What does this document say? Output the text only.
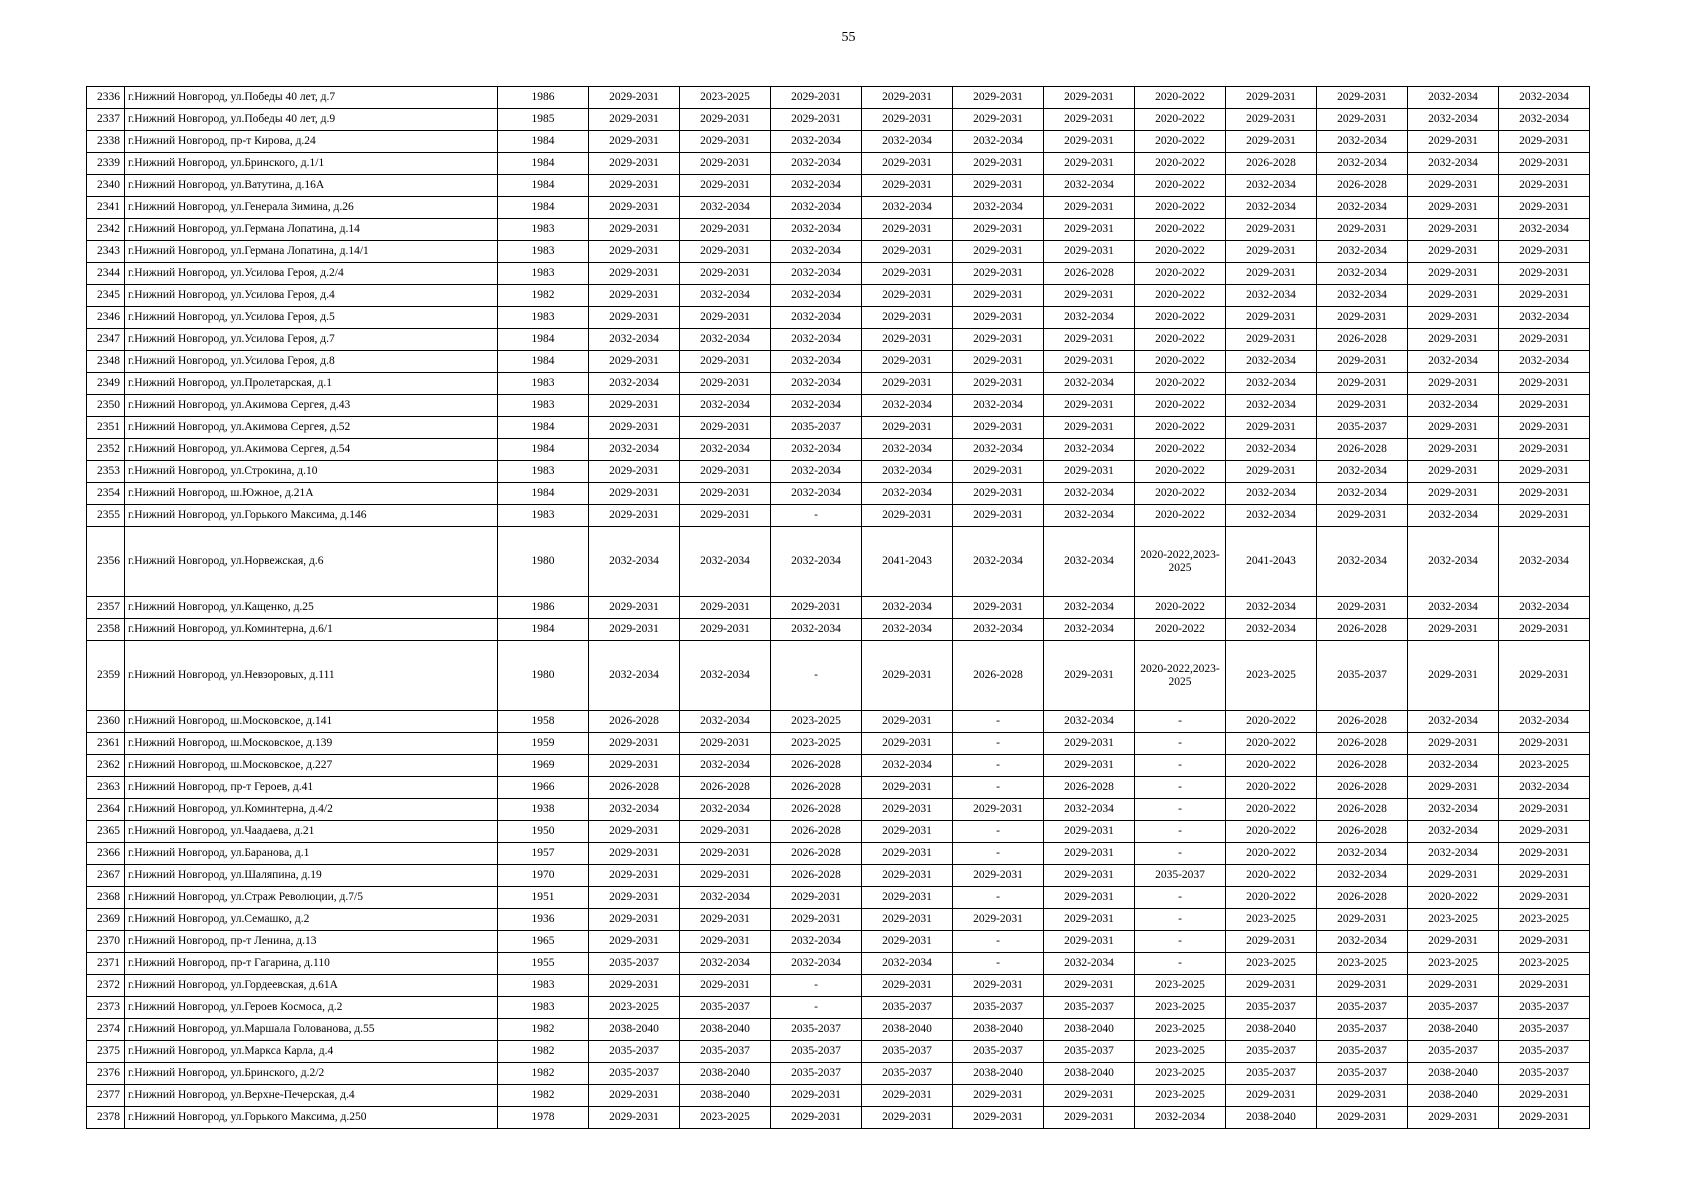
55
2336	г.Нижний Новгород, ул.Победы 40 лет, д.7	1986	2029-2031	2023-2025	2029-2031	2029-2031	2029-2031	2029-2031	2020-2022	2029-2031	2029-2031	2032-2034	2032-2034
2337	г.Нижний Новгород, ул.Победы 40 лет, д.9	1985	2029-2031	2029-2031	2029-2031	2029-2031	2029-2031	2029-2031	2020-2022	2029-2031	2029-2031	2032-2034	2032-2034
2338	г.Нижний Новгород, пр-т Кирова, д.24	1984	2029-2031	2029-2031	2032-2034	2032-2034	2032-2034	2029-2031	2020-2022	2029-2031	2032-2034	2029-2031	2029-2031
2339	г.Нижний Новгород, ул.Бринского, д.1/1	1984	2029-2031	2029-2031	2032-2034	2029-2031	2029-2031	2029-2031	2020-2022	2026-2028	2032-2034	2032-2034	2029-2031
2340	г.Нижний Новгород, ул.Ватутина, д.16А	1984	2029-2031	2029-2031	2032-2034	2029-2031	2029-2031	2032-2034	2020-2022	2032-2034	2026-2028	2029-2031	2029-2031
2341	г.Нижний Новгород, ул.Генерала Зимина, д.26	1984	2029-2031	2032-2034	2032-2034	2032-2034	2032-2034	2029-2031	2020-2022	2032-2034	2032-2034	2029-2031	2029-2031
2342	г.Нижний Новгород, ул.Германа Лопатина, д.14	1983	2029-2031	2029-2031	2032-2034	2029-2031	2029-2031	2029-2031	2020-2022	2029-2031	2029-2031	2029-2031	2032-2034
2343	г.Нижний Новгород, ул.Германа Лопатина, д.14/1	1983	2029-2031	2029-2031	2032-2034	2029-2031	2029-2031	2029-2031	2020-2022	2029-2031	2032-2034	2029-2031	2029-2031
2344	г.Нижний Новгород, ул.Усилова Героя, д.2/4	1983	2029-2031	2029-2031	2032-2034	2029-2031	2029-2031	2026-2028	2020-2022	2029-2031	2032-2034	2029-2031	2029-2031
2345	г.Нижний Новгород, ул.Усилова Героя, д.4	1982	2029-2031	2032-2034	2032-2034	2029-2031	2029-2031	2029-2031	2020-2022	2032-2034	2032-2034	2029-2031	2029-2031
2346	г.Нижний Новгород, ул.Усилова Героя, д.5	1983	2029-2031	2029-2031	2032-2034	2029-2031	2029-2031	2032-2034	2020-2022	2029-2031	2029-2031	2029-2031	2032-2034
2347	г.Нижний Новгород, ул.Усилова Героя, д.7	1984	2032-2034	2032-2034	2032-2034	2029-2031	2029-2031	2029-2031	2020-2022	2029-2031	2026-2028	2029-2031	2029-2031
2348	г.Нижний Новгород, ул.Усилова Героя, д.8	1984	2029-2031	2029-2031	2032-2034	2029-2031	2029-2031	2029-2031	2020-2022	2032-2034	2029-2031	2032-2034	2032-2034
2349	г.Нижний Новгород, ул.Пролетарская, д.1	1983	2032-2034	2029-2031	2032-2034	2029-2031	2029-2031	2032-2034	2020-2022	2032-2034	2029-2031	2029-2031	2029-2031
2350	г.Нижний Новгород, ул.Акимова Сергея, д.43	1983	2029-2031	2032-2034	2032-2034	2032-2034	2032-2034	2029-2031	2020-2022	2032-2034	2029-2031	2032-2034	2029-2031
2351	г.Нижний Новгород, ул.Акимова Сергея, д.52	1984	2029-2031	2029-2031	2035-2037	2029-2031	2029-2031	2029-2031	2020-2022	2029-2031	2035-2037	2029-2031	2029-2031
2352	г.Нижний Новгород, ул.Акимова Сергея, д.54	1984	2032-2034	2032-2034	2032-2034	2032-2034	2032-2034	2032-2034	2020-2022	2032-2034	2026-2028	2029-2031	2029-2031
2353	г.Нижний Новгород, ул.Строкина, д.10	1983	2029-2031	2029-2031	2032-2034	2032-2034	2029-2031	2029-2031	2020-2022	2029-2031	2032-2034	2029-2031	2029-2031
2354	г.Нижний Новгород, ш.Южное, д.21А	1984	2029-2031	2029-2031	2032-2034	2032-2034	2029-2031	2032-2034	2020-2022	2032-2034	2032-2034	2029-2031	2029-2031
2355	г.Нижний Новгород, ул.Горького Максима, д.146	1983	2029-2031	2029-2031	-	2029-2031	2029-2031	2032-2034	2020-2022	2032-2034	2029-2031	2032-2034	2029-2031
2356	г.Нижний Новгород, ул.Норвежская, д.6	1980	2032-2034	2032-2034	2032-2034	2041-2043	2032-2034	2032-2034	2020-2022,2023-2025	2041-2043	2032-2034	2032-2034	2032-2034
2357	г.Нижний Новгород, ул.Кащенко, д.25	1986	2029-2031	2029-2031	2029-2031	2032-2034	2029-2031	2032-2034	2020-2022	2032-2034	2029-2031	2032-2034	2032-2034
2358	г.Нижний Новгород, ул.Коминтерна, д.6/1	1984	2029-2031	2029-2031	2032-2034	2032-2034	2032-2034	2032-2034	2020-2022	2032-2034	2026-2028	2029-2031	2029-2031
2359	г.Нижний Новгород, ул.Невзоровых, д.111	1980	2032-2034	2032-2034	-	2029-2031	2026-2028	2029-2031	2020-2022,2023-2025	2023-2025	2035-2037	2029-2031	2029-2031
2360	г.Нижний Новгород, ш.Московское, д.141	1958	2026-2028	2032-2034	2023-2025	2029-2031	-	2032-2034	-	2020-2022	2026-2028	2032-2034	2032-2034
2361	г.Нижний Новгород, ш.Московское, д.139	1959	2029-2031	2029-2031	2023-2025	2029-2031	-	2029-2031	-	2020-2022	2026-2028	2029-2031	2029-2031
2362	г.Нижний Новгород, ш.Московское, д.227	1969	2029-2031	2032-2034	2026-2028	2032-2034	-	2029-2031	-	2020-2022	2026-2028	2032-2034	2023-2025
2363	г.Нижний Новгород, пр-т Героев, д.41	1966	2026-2028	2026-2028	2026-2028	2029-2031	-	2026-2028	-	2020-2022	2026-2028	2029-2031	2032-2034
2364	г.Нижний Новгород, ул.Коминтерна, д.4/2	1938	2032-2034	2032-2034	2026-2028	2029-2031	2029-2031	2032-2034	-	2020-2022	2026-2028	2032-2034	2029-2031
2365	г.Нижний Новгород, ул.Чаадаева, д.21	1950	2029-2031	2029-2031	2026-2028	2029-2031	-	2029-2031	-	2020-2022	2026-2028	2032-2034	2029-2031
2366	г.Нижний Новгород, ул.Баранова, д.1	1957	2029-2031	2029-2031	2026-2028	2029-2031	-	2029-2031	-	2020-2022	2032-2034	2032-2034	2029-2031
2367	г.Нижний Новгород, ул.Шаляпина, д.19	1970	2029-2031	2029-2031	2026-2028	2029-2031	2029-2031	2029-2031	2035-2037	2020-2022	2032-2034	2029-2031	2029-2031
2368	г.Нижний Новгород, ул.Страж Революции, д.7/5	1951	2029-2031	2032-2034	2029-2031	2029-2031	-	2029-2031	-	2020-2022	2026-2028	2020-2022	2029-2031
2369	г.Нижний Новгород, ул.Семашко, д.2	1936	2029-2031	2029-2031	2029-2031	2029-2031	2029-2031	2029-2031	-	2023-2025	2029-2031	2023-2025	2023-2025
2370	г.Нижний Новгород, пр-т Ленина, д.13	1965	2029-2031	2029-2031	2032-2034	2029-2031	-	2029-2031	-	2029-2031	2032-2034	2029-2031	2029-2031
2371	г.Нижний Новгород, пр-т Гагарина, д.110	1955	2035-2037	2032-2034	2032-2034	2032-2034	-	2032-2034	-	2023-2025	2023-2025	2023-2025	2023-2025
2372	г.Нижний Новгород, ул.Гордеевская, д.61А	1983	2029-2031	2029-2031	-	2029-2031	2029-2031	2029-2031	2023-2025	2029-2031	2029-2031	2029-2031	2029-2031
2373	г.Нижний Новгород, ул.Героев Космоса, д.2	1983	2023-2025	2035-2037	-	2035-2037	2035-2037	2035-2037	2023-2025	2035-2037	2035-2037	2035-2037	2035-2037
2374	г.Нижний Новгород, ул.Маршала Голованова, д.55	1982	2038-2040	2038-2040	2035-2037	2038-2040	2038-2040	2038-2040	2023-2025	2038-2040	2035-2037	2038-2040	2035-2037
2375	г.Нижний Новгород, ул.Маркса Карла, д.4	1982	2035-2037	2035-2037	2035-2037	2035-2037	2035-2037	2035-2037	2023-2025	2035-2037	2035-2037	2035-2037	2035-2037
2376	г.Нижний Новгород, ул.Бринского, д.2/2	1982	2035-2037	2038-2040	2035-2037	2035-2037	2038-2040	2038-2040	2023-2025	2035-2037	2035-2037	2038-2040	2035-2037
2377	г.Нижний Новгород, ул.Верхне-Печерская, д.4	1982	2029-2031	2038-2040	2029-2031	2029-2031	2029-2031	2029-2031	2023-2025	2029-2031	2029-2031	2038-2040	2029-2031
2378	г.Нижний Новгород, ул.Горького Максима, д.250	1978	2029-2031	2023-2025	2029-2031	2029-2031	2029-2031	2029-2031	2032-2034	2038-2040	2029-2031	2029-2031	2029-2031
